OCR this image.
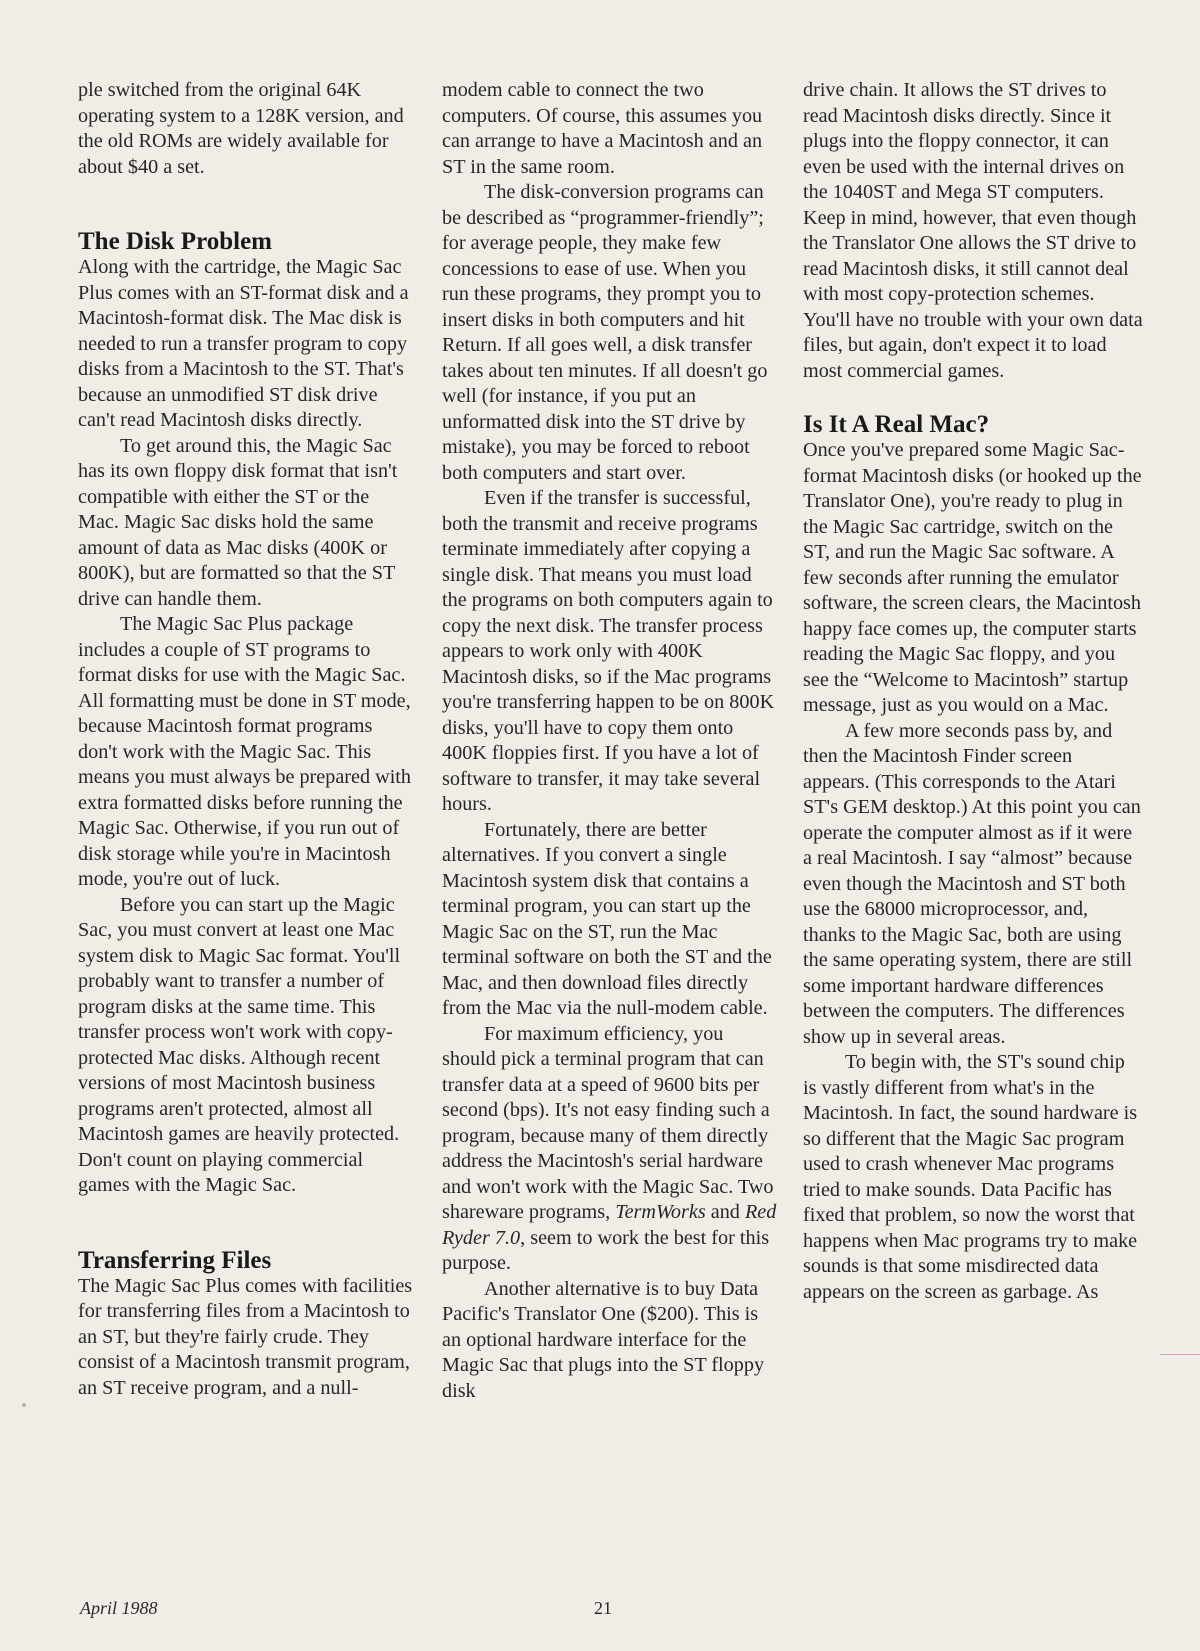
ple switched from the original 64K operating system to a 128K version, and the old ROMs are widely available for about $40 a set.

The Disk Problem

Along with the cartridge, the Magic Sac Plus comes with an ST-format disk and a Macintosh-format disk. The Mac disk is needed to run a transfer program to copy disks from a Macintosh to the ST. That's because an unmodified ST disk drive can't read Macintosh disks directly.

To get around this, the Magic Sac has its own floppy disk format that isn't compatible with either the ST or the Mac. Magic Sac disks hold the same amount of data as Mac disks (400K or 800K), but are formatted so that the ST drive can handle them.

The Magic Sac Plus package includes a couple of ST programs to format disks for use with the Magic Sac. All formatting must be done in ST mode, because Macintosh format programs don't work with the Magic Sac. This means you must always be prepared with extra formatted disks before running the Magic Sac. Otherwise, if you run out of disk storage while you're in Macintosh mode, you're out of luck.

Before you can start up the Magic Sac, you must convert at least one Mac system disk to Magic Sac format. You'll probably want to transfer a number of program disks at the same time. This transfer process won't work with copy-protected Mac disks. Although recent versions of most Macintosh business programs aren't protected, almost all Macintosh games are heavily protected. Don't count on playing commercial games with the Magic Sac.

Transferring Files

The Magic Sac Plus comes with facilities for transferring files from a Macintosh to an ST, but they're fairly crude. They consist of a Macintosh transmit program, an ST receive program, and a null-

modem cable to connect the two computers. Of course, this assumes you can arrange to have a Macintosh and an ST in the same room.

The disk-conversion programs can be described as “programmer-friendly”; for average people, they make few concessions to ease of use. When you run these programs, they prompt you to insert disks in both computers and hit Return. If all goes well, a disk transfer takes about ten minutes. If all doesn't go well (for instance, if you put an unformatted disk into the ST drive by mistake), you may be forced to reboot both computers and start over.

Even if the transfer is successful, both the transmit and receive programs terminate immediately after copying a single disk. That means you must load the programs on both computers again to copy the next disk. The transfer process appears to work only with 400K Macintosh disks, so if the Mac programs you're transferring happen to be on 800K disks, you'll have to copy them onto 400K floppies first. If you have a lot of software to transfer, it may take several hours.

Fortunately, there are better alternatives. If you convert a single Macintosh system disk that contains a terminal program, you can start up the Magic Sac on the ST, run the Mac terminal software on both the ST and the Mac, and then download files directly from the Mac via the null-modem cable.

For maximum efficiency, you should pick a terminal program that can transfer data at a speed of 9600 bits per second (bps). It's not easy finding such a program, because many of them directly address the Macintosh's serial hardware and won't work with the Magic Sac. Two shareware programs, TermWorks and Red Ryder 7.0, seem to work the best for this purpose.

Another alternative is to buy Data Pacific's Translator One ($200). This is an optional hardware interface for the Magic Sac that plugs into the ST floppy disk

drive chain. It allows the ST drives to read Macintosh disks directly. Since it plugs into the floppy connector, it can even be used with the internal drives on the 1040ST and Mega ST computers. Keep in mind, however, that even though the Translator One allows the ST drive to read Macintosh disks, it still cannot deal with most copy-protection schemes. You'll have no trouble with your own data files, but again, don't expect it to load most commercial games.

Is It A Real Mac?

Once you've prepared some Magic Sac-format Macintosh disks (or hooked up the Translator One), you're ready to plug in the Magic Sac cartridge, switch on the ST, and run the Magic Sac software. A few seconds after running the emulator software, the screen clears, the Macintosh happy face comes up, the computer starts reading the Magic Sac floppy, and you see the “Welcome to Macintosh” startup message, just as you would on a Mac.

A few more seconds pass by, and then the Macintosh Finder screen appears. (This corresponds to the Atari ST's GEM desktop.) At this point you can operate the computer almost as if it were a real Macintosh. I say “almost” because even though the Macintosh and ST both use the 68000 microprocessor, and, thanks to the Magic Sac, both are using the same operating system, there are still some important hardware differences between the computers. The differences show up in several areas.

To begin with, the ST's sound chip is vastly different from what's in the Macintosh. In fact, the sound hardware is so different that the Magic Sac program used to crash whenever Mac programs tried to make sounds. Data Pacific has fixed that problem, so now the worst that happens when Mac programs try to make sounds is that some misdirected data appears on the screen as garbage. As

April 1988	21
